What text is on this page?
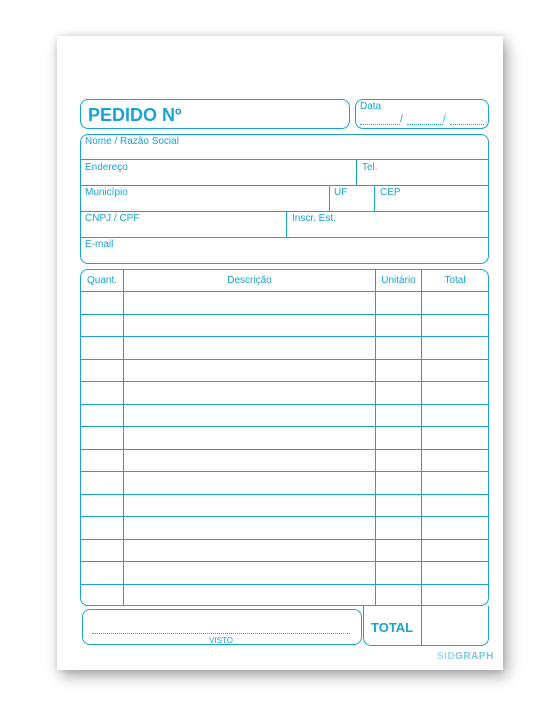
PEDIDO Nº	Data
/	/
Nome / Razão Social
Endereço	Tel.
Município	UF	CEP
CNPJ / CPF	Inscr. Est.
E-mail
Quant.	Descrição	Unitário	Total
VISTO
TOTAL
SIDGRAPH
